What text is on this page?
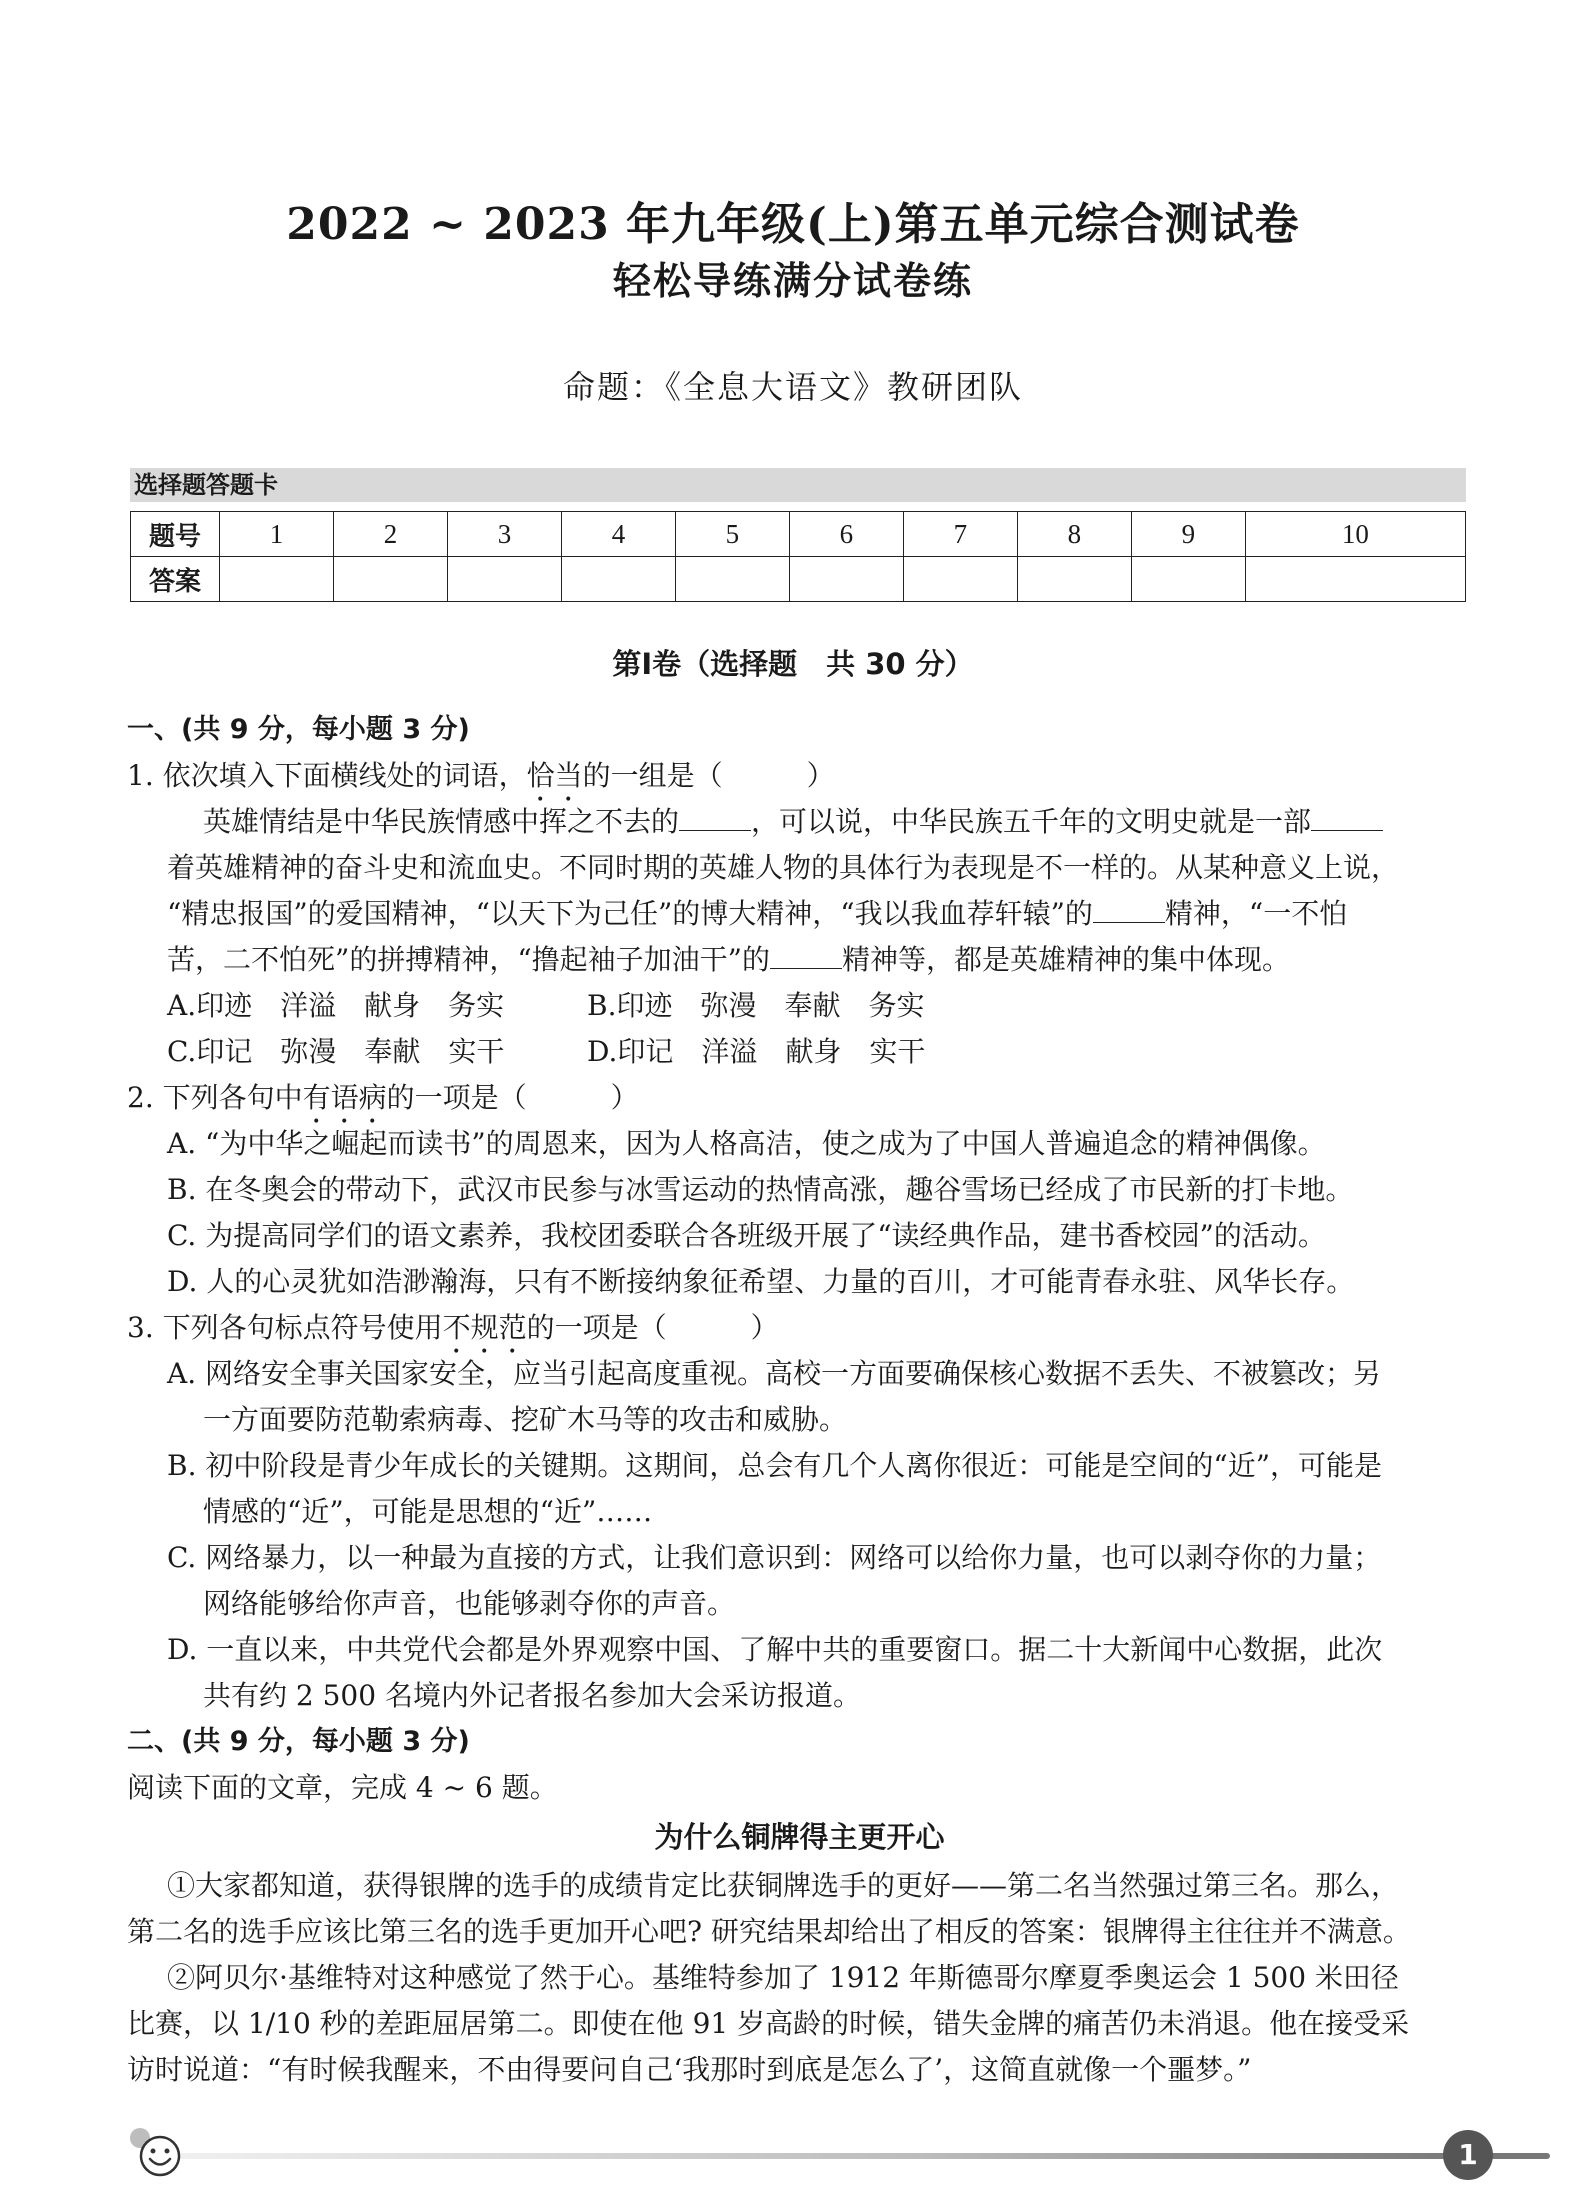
2022 ~ 2023 年九年级(上)第五单元综合测试卷
轻松导练满分试卷练
命题：《全息大语文》教研团队
选择题答题卡
题号	1	2	3	4	5	6	7	8	9	10
答案										
第Ⅰ卷（选择题　共 30 分）
一、(共 9 分，每小题 3 分)
1. 依次填入下面横线处的词语，恰当的一组是（　　　）
英雄情结是中华民族情感中挥之不去的	，可以说，中华民族五千年的文明史就是一部
着英雄精神的奋斗史和流血史。不同时期的英雄人物的具体行为表现是不一样的。从某种意义上说，
“精忠报国”的爱国精神，“以天下为己任”的博大精神，“我以我血荐轩辕”的	精神，“一不怕
苦，二不怕死”的拼搏精神，“撸起袖子加油干”的	精神等，都是英雄精神的集中体现。
A.印迹　洋溢　献身　务实	B.印迹　弥漫　奉献　务实
C.印记　弥漫　奉献　实干	D.印记　洋溢　献身　实干
2. 下列各句中有语病的一项是（　　　）
A. “为中华之崛起而读书”的周恩来，因为人格高洁，使之成为了中国人普遍追念的精神偶像。
B. 在冬奥会的带动下，武汉市民参与冰雪运动的热情高涨，趣谷雪场已经成了市民新的打卡地。
C. 为提高同学们的语文素养，我校团委联合各班级开展了“读经典作品，建书香校园”的活动。
D. 人的心灵犹如浩渺瀚海，只有不断接纳象征希望、力量的百川，才可能青春永驻、风华长存。
3. 下列各句标点符号使用不规范的一项是（　　　）
A. 网络安全事关国家安全，应当引起高度重视。高校一方面要确保核心数据不丢失、不被篡改；另
一方面要防范勒索病毒、挖矿木马等的攻击和威胁。
B. 初中阶段是青少年成长的关键期。这期间，总会有几个人离你很近：可能是空间的“近”，可能是
情感的“近”，可能是思想的“近”……
C. 网络暴力，以一种最为直接的方式，让我们意识到：网络可以给你力量，也可以剥夺你的力量；
网络能够给你声音，也能够剥夺你的声音。
D. 一直以来，中共党代会都是外界观察中国、了解中共的重要窗口。据二十大新闻中心数据，此次
共有约 2 500 名境内外记者报名参加大会采访报道。
二、(共 9 分，每小题 3 分)
阅读下面的文章，完成 4 ~ 6 题。
为什么铜牌得主更开心
①大家都知道，获得银牌的选手的成绩肯定比获铜牌选手的更好——第二名当然强过第三名。那么，
第二名的选手应该比第三名的选手更加开心吧? 研究结果却给出了相反的答案：银牌得主往往并不满意。
②阿贝尔·基维特对这种感觉了然于心。基维特参加了 1912 年斯德哥尔摩夏季奥运会 1 500 米田径
比赛，以 1/10 秒的差距屈居第二。即使在他 91 岁高龄的时候，错失金牌的痛苦仍未消退。他在接受采
访时说道：“有时候我醒来，不由得要问自己‘我那时到底是怎么了’，这简直就像一个噩梦。”
1
